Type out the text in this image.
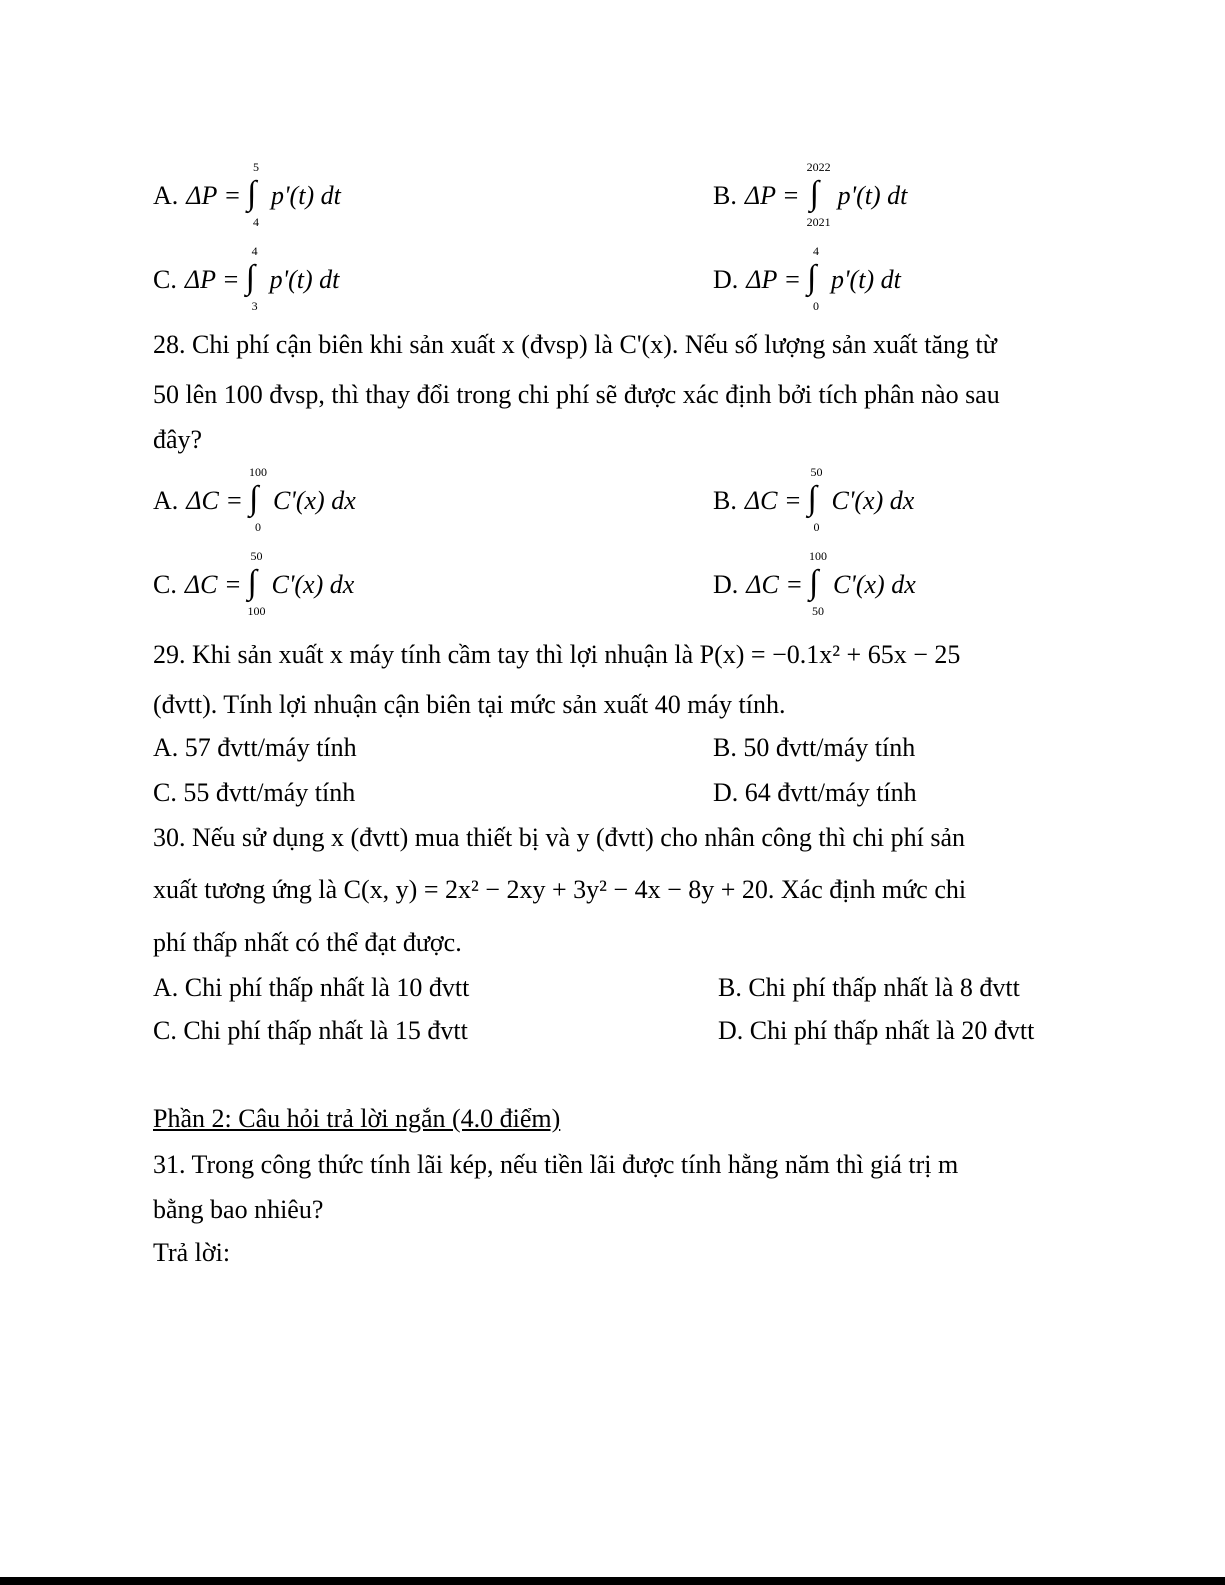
A. ΔP =
5
∫
4
p'(t) dt	B. ΔP =
2022
∫
2021
p'(t) dt
C. ΔP =
4
∫
3
p'(t) dt	D. ΔP =
4
∫
0
p'(t) dt
28. Chi phí cận biên khi sản xuất x (đvsp) là C'(x). Nếu số lượng sản xuất tăng từ
50 lên 100 đvsp, thì thay đổi trong chi phí sẽ được xác định bởi tích phân nào sau
đây?
A. ΔC =
100
∫
0
C'(x) dx	B. ΔC =
50
∫
0
C'(x) dx
C. ΔC =
50
∫
100
C'(x) dx	D. ΔC =
100
∫
50
C'(x) dx
29. Khi sản xuất x máy tính cầm tay thì lợi nhuận là P(x) = −0.1x² + 65x − 25
(đvtt). Tính lợi nhuận cận biên tại mức sản xuất 40 máy tính.
A. 57 đvtt/máy tính	B. 50 đvtt/máy tính
C. 55 đvtt/máy tính	D. 64 đvtt/máy tính
30. Nếu sử dụng x (đvtt) mua thiết bị và y (đvtt) cho nhân công thì chi phí sản
xuất tương ứng là C(x, y) = 2x² − 2xy + 3y² − 4x − 8y + 20. Xác định mức chi
phí thấp nhất có thể đạt được.
A. Chi phí thấp nhất là 10 đvtt	B. Chi phí thấp nhất là 8 đvtt
C. Chi phí thấp nhất là 15 đvtt	D. Chi phí thấp nhất là 20 đvtt
Phần 2: Câu hỏi trả lời ngắn (4.0 điểm)
31. Trong công thức tính lãi kép, nếu tiền lãi được tính hằng năm thì giá trị m
bằng bao nhiêu?
Trả lời:
